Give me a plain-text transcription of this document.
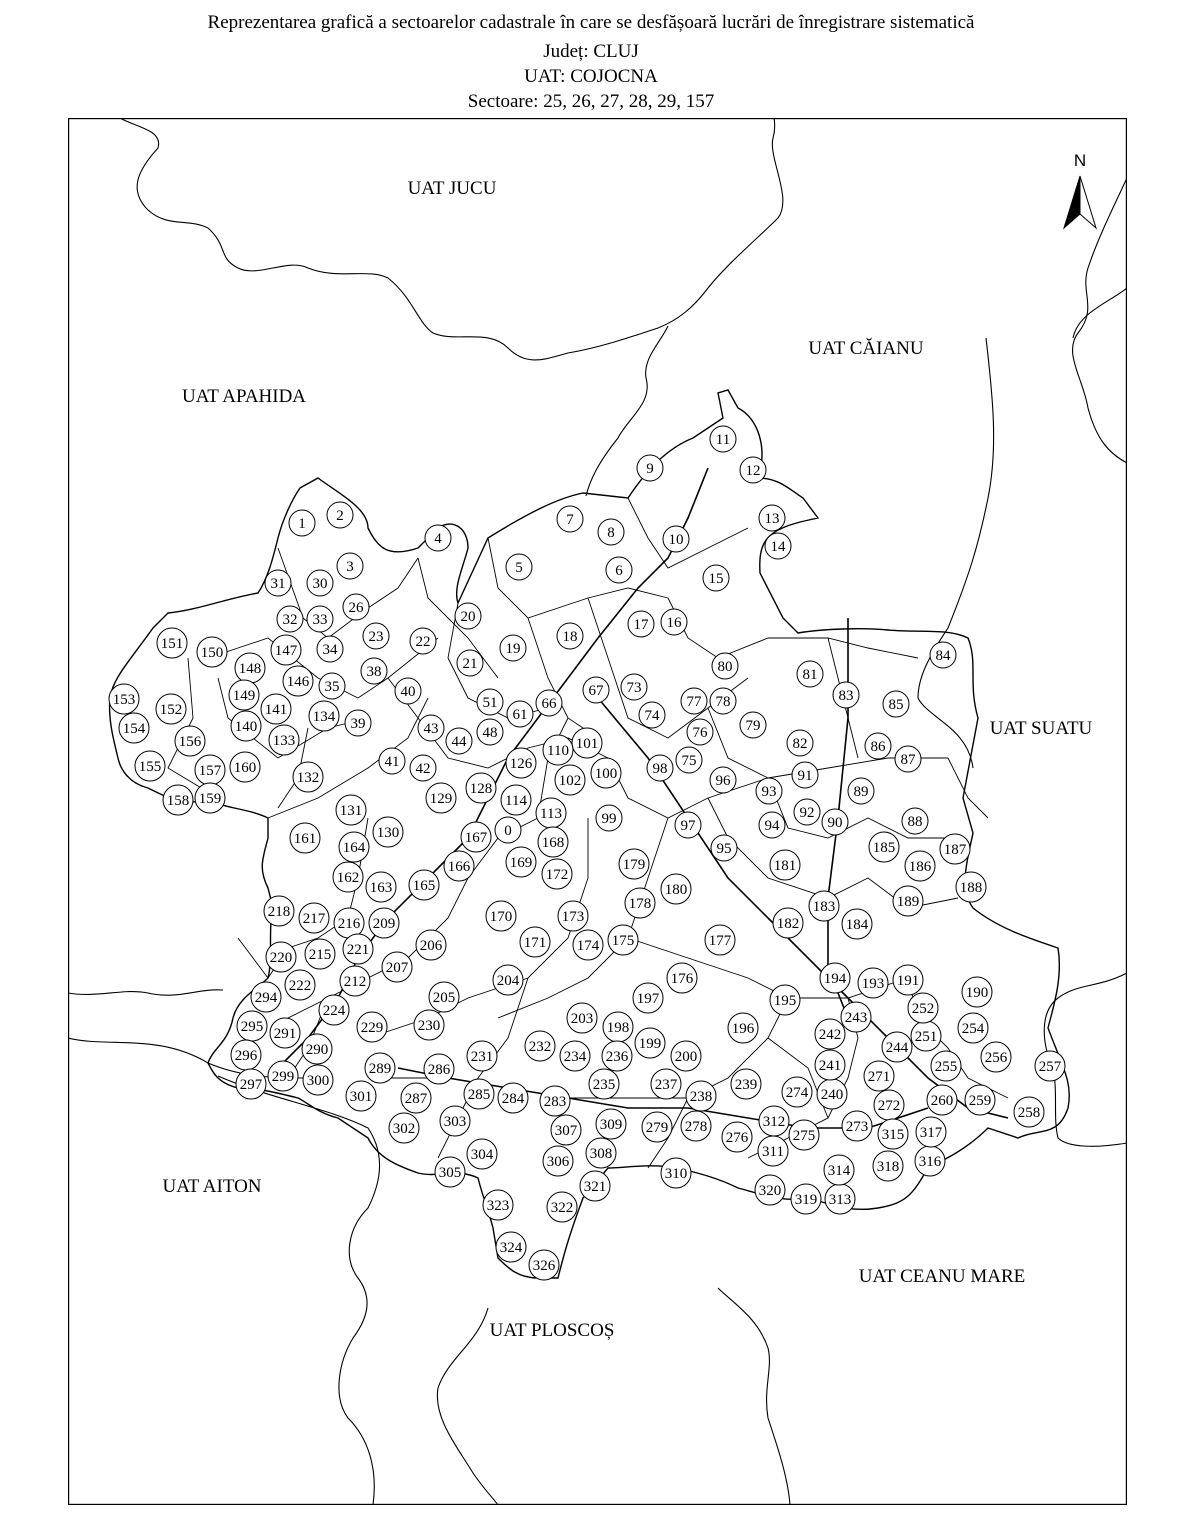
Reprezentarea grafică a sectoarelor cadastrale în care se desfășoară lucrări de înregistrare sistematică
Județ: CLUJ
UAT: COJOCNA
Sectoare: 25, 26, 27, 28, 29, 157
N
UAT JUCU
UAT CĂIANU
UAT APAHIDA
UAT SUATU
UAT AITON
UAT CEANU MARE
UAT PLOSCOȘ
0
1 2
3
4
5	6
7
8
9
10
11
12
13
14
15
16
17
18
19
20
21
22
23
26
30
31
32 33
34
35
38
39
40
41 42
43
44
48
51
61
66
67 73
74
75
76
77 78
79
80	81
82
83
84
85
86
87
88
89
90
91
92
93
94
95
96
97
98
99
100
101
102
110
113
114
126
128
129
130
131
132
133
134
140
141
146
147
148
149
150
151
152
153
154
155
156
157
158 159
160
161
162
163
164
165
166
167	168
169
170
171
172
173
174 175
176
177
178
179
180
181
182
183
184
185
186
187
188
189
190
191
193
194
195
196
197
198
199
200
203
204
205
206
207
209
212
215
216
217
218
220	221
222
224
229 230
231
232
234
235
236
237
238
239
240
241
242
243
244
251
252
254
255
256
257
258
259
260
271
272
273
274
275
276
278
279
283
284
285
286
287
289
290
291
294
295
296
297 299 300
301
302 303
304
305
306
307
308
309
310
311
312
313
314
315
316
317
318
319
320
321
322
323
324
326
